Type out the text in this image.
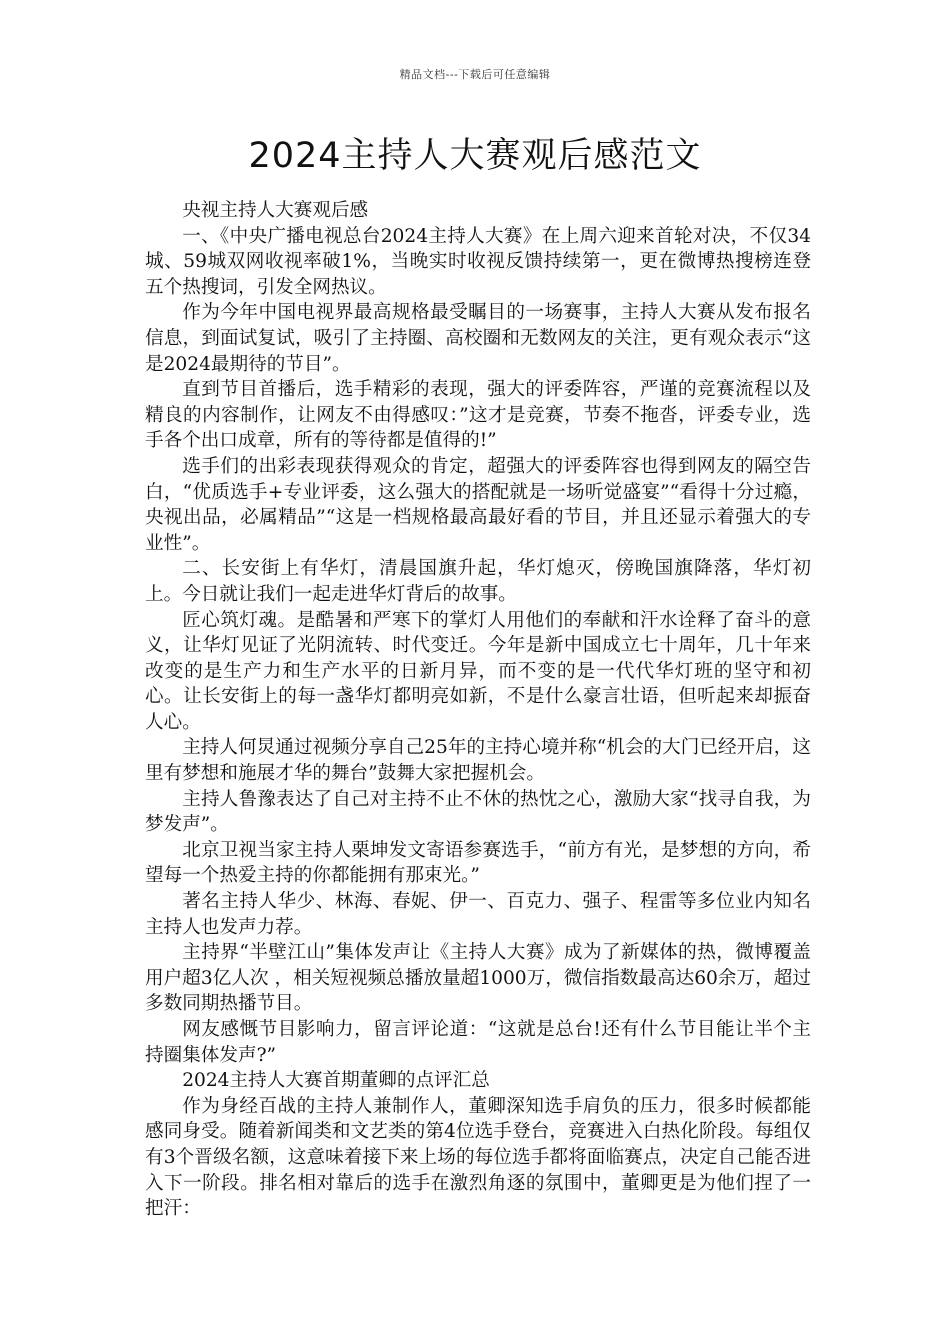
精品文档---下载后可任意编辑
2024主持人大赛观后感范文

央视主持人大赛观后感

一、《中央广播电视总台2024主持人大赛》在上周六迎来首轮对决，不仅34城、59城双网收视率破1%，当晚实时收视反馈持续第一，更在微博热搜榜连登五个热搜词，引发全网热议。

作为今年中国电视界最高规格最受瞩目的一场赛事，主持人大赛从发布报名信息，到面试复试，吸引了主持圈、高校圈和无数网友的关注，更有观众表示“这是2024最期待的节目”。

直到节目首播后，选手精彩的表现，强大的评委阵容，严谨的竞赛流程以及精良的内容制作，让网友不由得感叹：”这才是竞赛，节奏不拖沓，评委专业，选手各个出口成章，所有的等待都是值得的!”

选手们的出彩表现获得观众的肯定，超强大的评委阵容也得到网友的隔空告白，“优质选手+专业评委，这么强大的搭配就是一场听觉盛宴”“看得十分过瘾，央视出品，必属精品”“这是一档规格最高最好看的节目，并且还显示着强大的专业性”。

二、长安街上有华灯，清晨国旗升起，华灯熄灭，傍晚国旗降落，华灯初上。今日就让我们一起走进华灯背后的故事。

匠心筑灯魂。是酷暑和严寒下的掌灯人用他们的奉献和汗水诠释了奋斗的意义，让华灯见证了光阴流转、时代变迁。今年是新中国成立七十周年，几十年来改变的是生产力和生产水平的日新月异，而不变的是一代代华灯班的坚守和初心。让长安街上的每一盏华灯都明亮如新，不是什么豪言壮语，但听起来却振奋人心。

主持人何炅通过视频分享自己25年的主持心境并称“机会的大门已经开启，这里有梦想和施展才华的舞台”鼓舞大家把握机会。

主持人鲁豫表达了自己对主持不止不休的热忱之心，激励大家“找寻自我，为梦发声”。

北京卫视当家主持人栗坤发文寄语参赛选手，“前方有光，是梦想的方向，希望每一个热爱主持的你都能拥有那束光。”

著名主持人华少、林海、春妮、伊一、百克力、强子、程雷等多位业内知名主持人也发声力荐。

主持界“半壁江山”集体发声让《主持人大赛》成为了新媒体的热，微博覆盖用户超3亿人次 ，相关短视频总播放量超1000万，微信指数最高达60余万，超过多数同期热播节目。

网友感慨节目影响力，留言评论道：“这就是总台!还有什么节目能让半个主持圈集体发声?”

2024主持人大赛首期董卿的点评汇总

作为身经百战的主持人兼制作人，董卿深知选手肩负的压力，很多时候都能感同身受。随着新闻类和文艺类的第4位选手登台，竞赛进入白热化阶段。每组仅有3个晋级名额，这意味着接下来上场的每位选手都将面临赛点，决定自己能否进入下一阶段。排名相对靠后的选手在激烈角逐的氛围中，董卿更是为他们捏了一把汗：
